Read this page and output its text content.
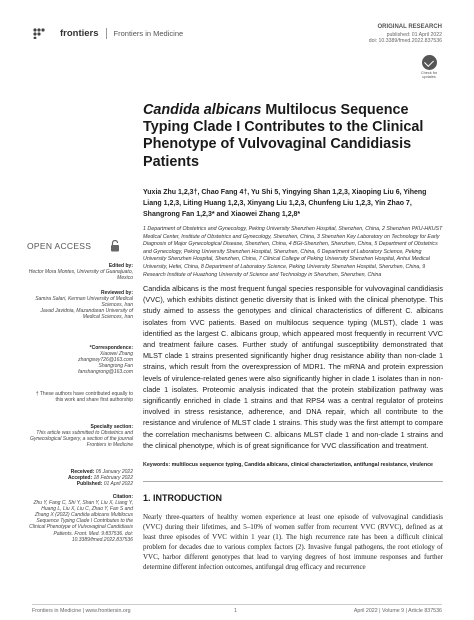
frontiers Frontiers in Medicine
ORIGINAL RESEARCH
published: 01 April 2022
doi: 10.3389/fmed.2022.837536
Check for
updates
Candida albicans Multilocus Sequence Typing Clade I Contributes to the Clinical Phenotype of Vulvovaginal Candidiasis Patients
Yuxia Zhu 1,2,3†, Chao Fang 4†, Yu Shi 5, Yingying Shan 1,2,3, Xiaoping Liu 6, Yiheng Liang 1,2,3, Liting Huang 1,2,3, Xinyang Liu 1,2,3, Chunfeng Liu 1,2,3, Yin Zhao 7, Shangrong Fan 1,2,3* and Xiaowei Zhang 1,2,8*
1 Department of Obstetrics and Gynecology, Peking University Shenzhen Hospital, Shenzhen, China, 2 Shenzhen PKU-HKUST Medical Center, Institute of Obstetrics and Gynecology, Shenzhen, China, 3 Shenzhen Key Laboratory on Technology for Early Diagnosis of Major Gynecological Disease, Shenzhen, China, 4 BGI-Shenzhen, Shenzhen, China, 5 Department of Obstetrics and Gynecology, Peking University Shenzhen Hospital, Shenzhen, China, 6 Department of Laboratory Science, Peking University Shenzhen Hospital, Shenzhen, China, 7 Clinical College of Peking University Shenzhen Hospital, Anhui Medical University, Hefei, China, 8 Department of Laboratory Science, Peking University Shenzhen Hospital, Shenzhen, China, 9 Research Institute of Huazhong University of Science and Technology in Shenzhen, Shenzhen, China
OPEN ACCESS
Edited by:
Hector Mora Montes, University of Guanajuato, Mexico
Reviewed by:
Samira Salari, Kerman University of Medical Sciences, Iran
Javad Javidnia, Mazandaran University of Medical Sciences, Iran
*Correspondence:
Xiaowei Zhang
zhangxwy726@163.com
Shangrong Fan
fanshangrong@163.com
† These authors have contributed equally to this work and share first authorship
Specialty section:
This article was submitted to Obstetrics and Gynecological Surgery, a section of the journal Frontiers in Medicine
Received: 05 January 2022
Accepted: 18 February 2022
Published: 01 April 2022
Citation:
Zhu Y, Fang C, Shi Y, Shan Y, Liu X, Liang Y, Huang L, Liu X, Liu C, Zhao Y, Fan S and Zhang X (2022) Candida albicans Multilocus Sequence Typing Clade I Contributes to the Clinical Phenotype of Vulvovaginal Candidiasis Patients. Front. Med. 9:837536. doi: 10.3389/fmed.2022.837536
Candida albicans is the most frequent fungal species responsible for vulvovaginal candidiasis (VVC), which exhibits distinct genetic diversity that is linked with the clinical phenotype. This study aimed to assess the genotypes and clinical characteristics of different C. albicans isolates from VVC patients. Based on multilocus sequence typing (MLST), clade 1 was identified as the largest C. albicans group, which appeared most frequently in recurrent VVC and treatment failure cases. Further study of antifungal susceptibility demonstrated that MLST clade 1 strains presented significantly higher drug resistance ability than non-clade 1 strains, which result from the overexpression of MDR1. The mRNA and protein expression levels of virulence-related genes were also significantly higher in clade 1 isolates than in non-clade 1 isolates. Proteomic analysis indicated that the protein stabilization pathway was significantly enriched in clade 1 strains and that RPS4 was a central regulator of proteins involved in stress resistance, adherence, and DNA repair, which all contribute to the resistance and virulence of MLST clade 1 strains. This study was the first attempt to compare the correlation mechanisms between C. albicans MLST clade 1 and non-clade 1 strains and the clinical phenotype, which is of great significance for VVC classification and treatment.
Keywords: multilocus sequence typing, Candida albicans, clinical characterization, antifungal resistance, virulence
1. INTRODUCTION
Nearly three-quarters of healthy women experience at least one episode of vulvovaginal candidiasis (VVC) during their lifetimes, and 5–10% of women suffer from recurrent VVC (RVVC), defined as at least three episodes of VVC within 1 year (1). The high recurrence rate has been a difficult clinical problem for decades due to various complex factors (2). Invasive fungal pathogens, the root etiology of VVC, harbor different genotypes that lead to varying degrees of host immune responses and further determine different infection outcomes, antifungal drug efficacy and recurrence
Frontiers in Medicine | www.frontiersin.org	1	April 2022 | Volume 9 | Article 837536
